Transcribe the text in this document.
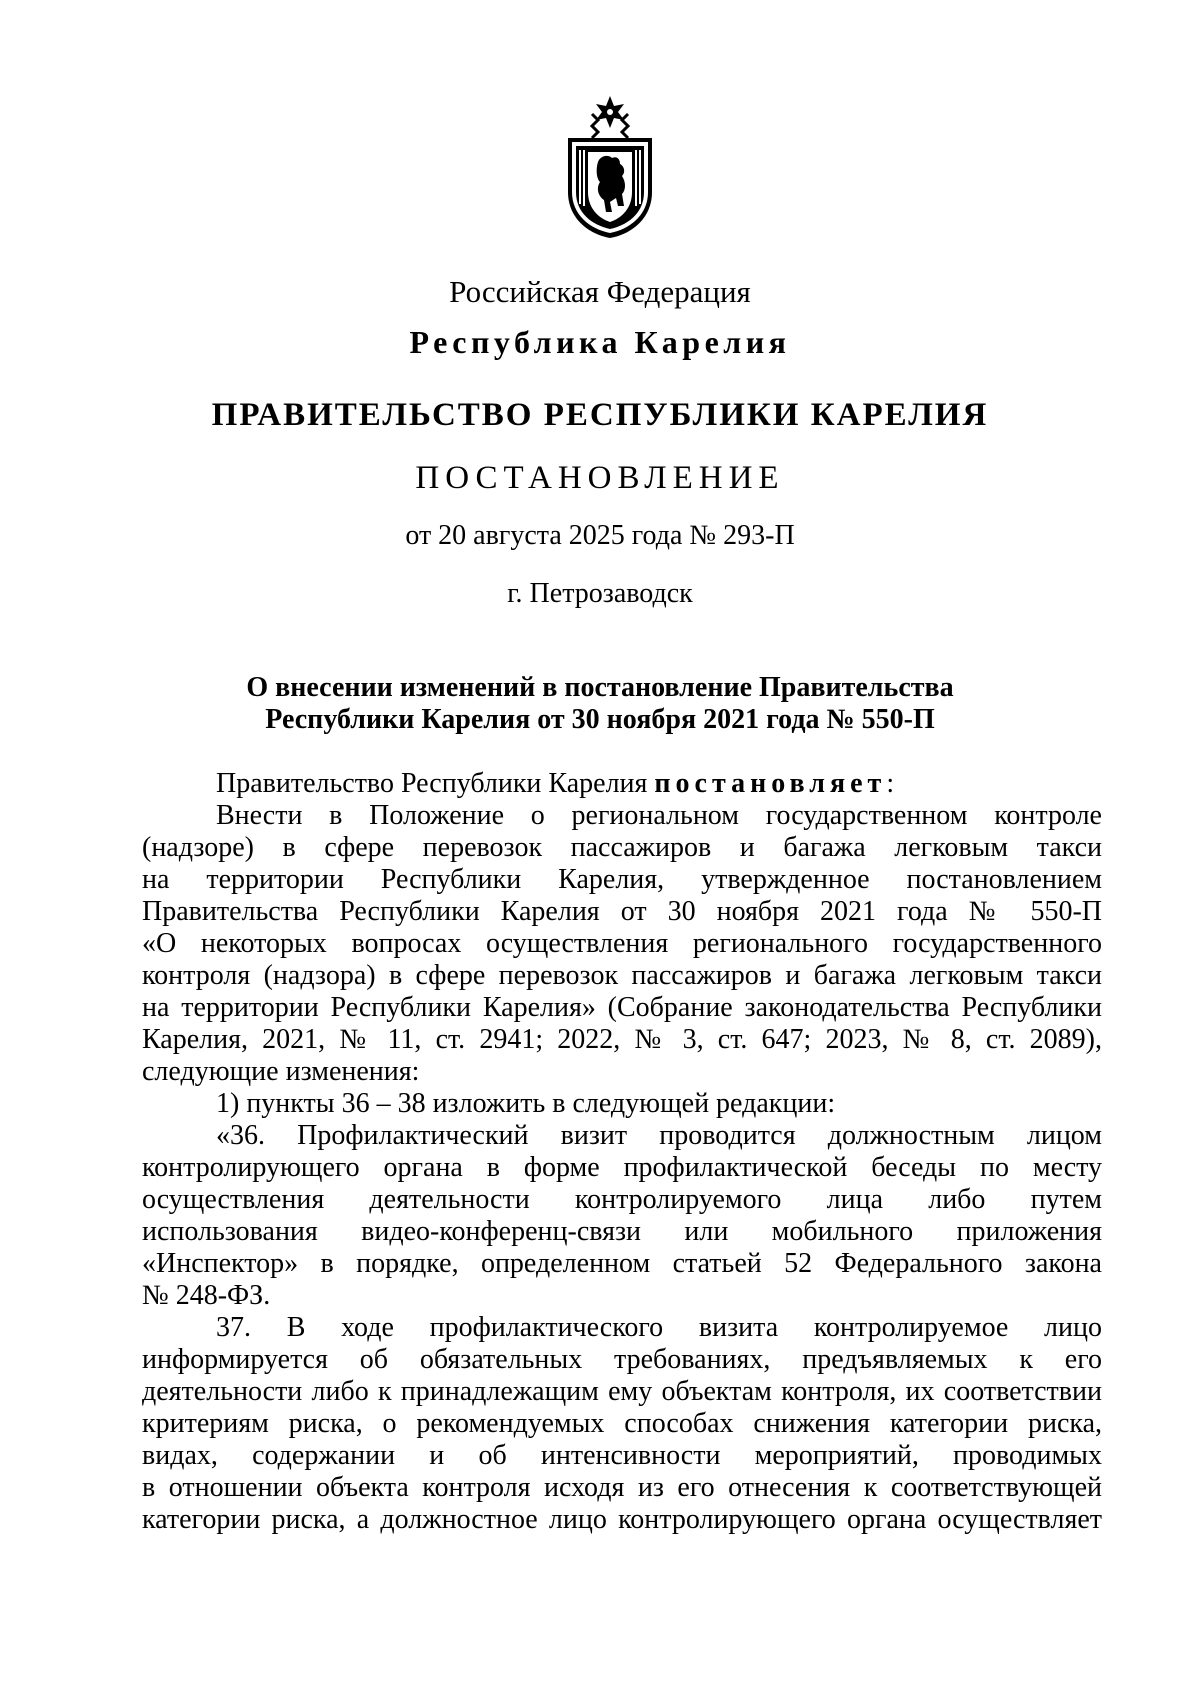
Российская Федерация
Республика Карелия
ПРАВИТЕЛЬСТВО РЕСПУБЛИКИ КАРЕЛИЯ
ПОСТАНОВЛЕНИЕ
от 20 августа 2025 года № 293-П
г. Петрозаводск
О внесении изменений в постановление Правительства
Республики Карелия от 30 ноября 2021 года № 550-П
Правительство Республики Карелия постановляет:
Внести в Положение о региональном государственном контроле
(надзоре) в сфере перевозок пассажиров и багажа легковым такси
на территории Республики Карелия, утвержденное постановлением
Правительства Республики Карелия от 30 ноября 2021 года № 550-П
«О некоторых вопросах осуществления регионального государственного
контроля (надзора) в сфере перевозок пассажиров и багажа легковым такси
на территории Республики Карелия» (Собрание законодательства Республики
Карелия, 2021, № 11, ст. 2941; 2022, № 3, ст. 647; 2023, № 8, ст. 2089),
следующие изменения:
1) пункты 36 – 38 изложить в следующей редакции:
«36. Профилактический визит проводится должностным лицом
контролирующего органа в форме профилактической беседы по месту
осуществления деятельности контролируемого лица либо путем
использования видео-конференц-связи или мобильного приложения
«Инспектор» в порядке, определенном статьей 52 Федерального закона
№ 248-ФЗ.
37. В ходе профилактического визита контролируемое лицо
информируется об обязательных требованиях, предъявляемых к его
деятельности либо к принадлежащим ему объектам контроля, их соответствии
критериям риска, о рекомендуемых способах снижения категории риска,
видах, содержании и об интенсивности мероприятий, проводимых
в отношении объекта контроля исходя из его отнесения к соответствующей
категории риска, а должностное лицо контролирующего органа осуществляет
